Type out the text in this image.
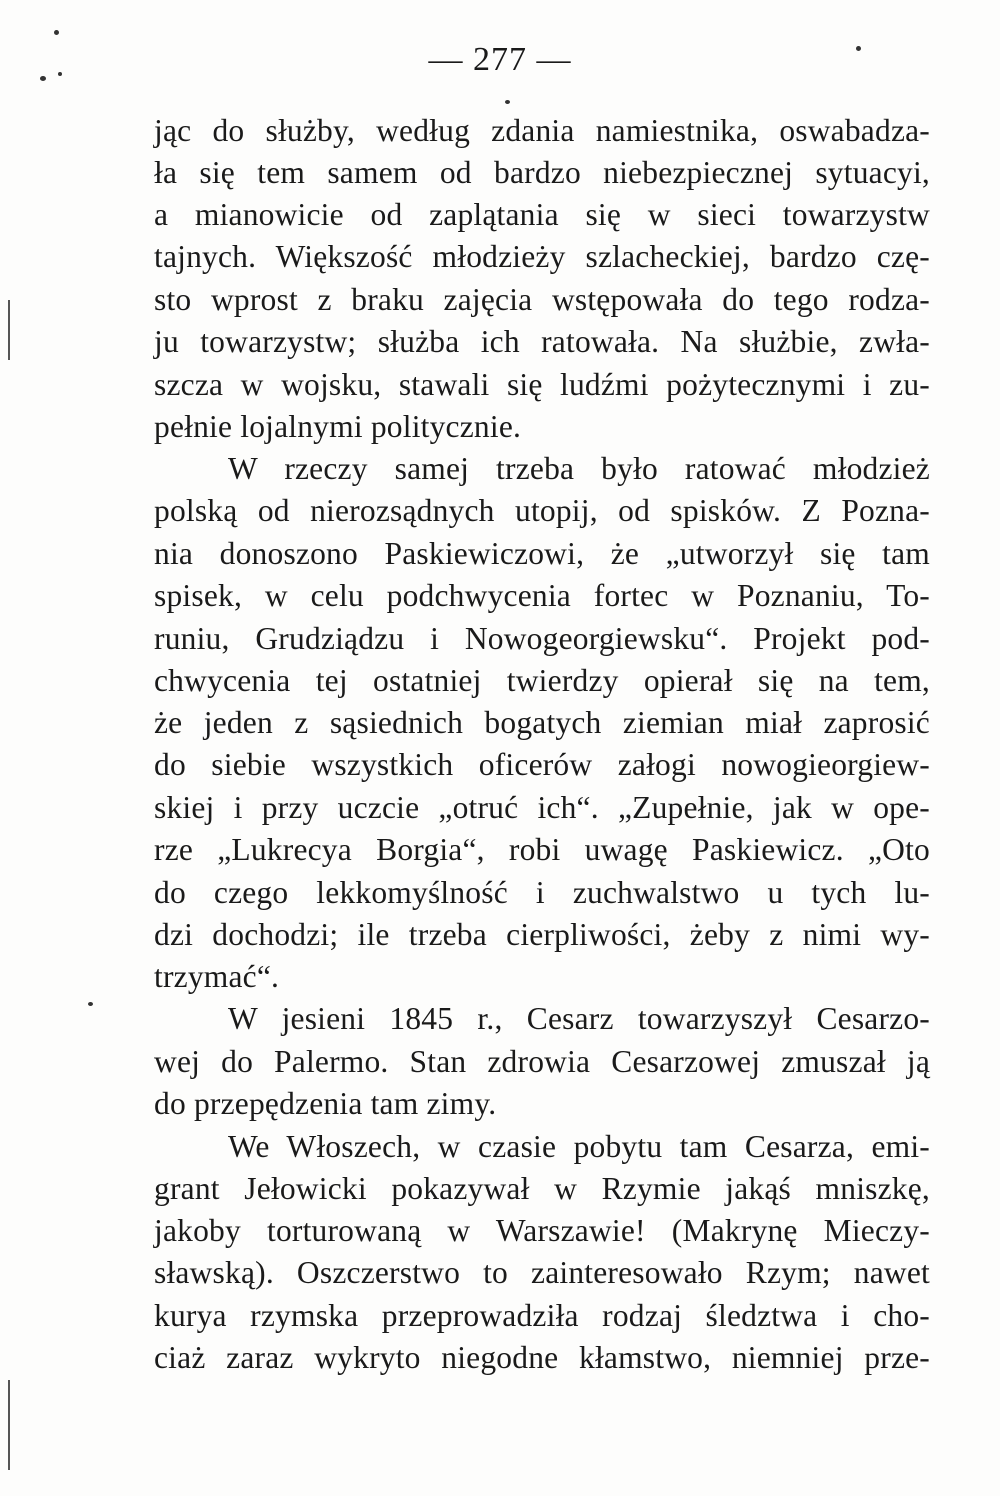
— 277 —
jąc do służby, według zdania namiestnika, oswabadza-
ła się tem samem od bardzo niebezpiecznej sytuacyi,
a mianowicie od zaplątania się w sieci towarzystw
tajnych. Większość młodzieży szlacheckiej, bardzo czę-
sto wprost z braku zajęcia wstępowała do tego rodza-
ju towarzystw; służba ich ratowała. Na służbie, zwła-
szcza w wojsku, stawali się ludźmi pożytecznymi i zu-
pełnie lojalnymi politycznie.
W rzeczy samej trzeba było ratować młodzież
polską od nierozsądnych utopij, od spisków. Z Pozna-
nia donoszono Paskiewiczowi, że „utworzył się tam
spisek, w celu podchwycenia fortec w Poznaniu, To-
runiu, Grudziądzu i Nowogeorgiewsku“. Projekt pod-
chwycenia tej ostatniej twierdzy opierał się na tem,
że jeden z sąsiednich bogatych ziemian miał zaprosić
do siebie wszystkich oficerów załogi nowogieorgiew-
skiej i przy uczcie „otruć ich“. „Zupełnie, jak w ope-
rze „Lukrecya Borgia“, robi uwagę Paskiewicz. „Oto
do czego lekkomyślność i zuchwalstwo u tych lu-
dzi dochodzi; ile trzeba cierpliwości, żeby z nimi wy-
trzymać“.
W jesieni 1845 r., Cesarz towarzyszył Cesarzo-
wej do Palermo. Stan zdrowia Cesarzowej zmuszał ją
do przepędzenia tam zimy.
We Włoszech, w czasie pobytu tam Cesarza, emi-
grant Jełowicki pokazywał w Rzymie jakąś mniszkę,
jakoby torturowaną w Warszawie! (Makrynę Mieczy-
sławską). Oszczerstwo to zainteresowało Rzym; nawet
kurya rzymska przeprowadziła rodzaj śledztwa i cho-
ciaż zaraz wykryto niegodne kłamstwo, niemniej prze-
